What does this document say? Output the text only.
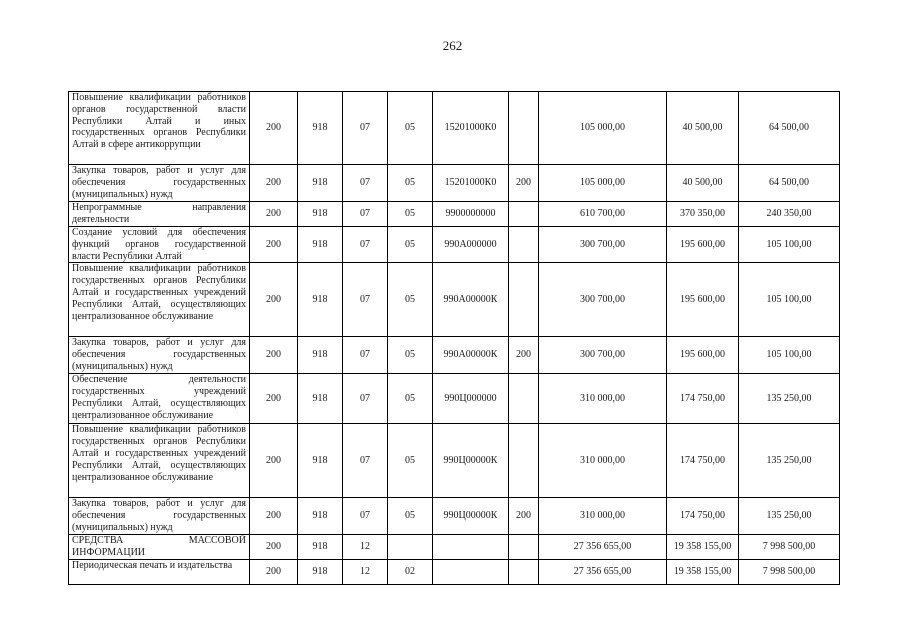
262
Повышение квалификации работников органов государственной власти Республики Алтай и иных государственных органов Республики Алтай в сфере антикоррупции	200	918	07	05	15201000К0		105 000,00	40 500,00	64 500,00
Закупка товаров, работ и услуг для обеспечения государственных (муниципальных) нужд	200	918	07	05	15201000К0	200	105 000,00	40 500,00	64 500,00
Непрограммные направления деятельности	200	918	07	05	9900000000		610 700,00	370 350,00	240 350,00
Создание условий для обеспечения функций органов государственной власти Республики Алтай	200	918	07	05	990А000000		300 700,00	195 600,00	105 100,00
Повышение квалификации работников государственных органов Республики Алтай и государственных учреждений Республики Алтай, осуществляющих централизованное обслуживание	200	918	07	05	990А00000К		300 700,00	195 600,00	105 100,00
Закупка товаров, работ и услуг для обеспечения государственных (муниципальных) нужд	200	918	07	05	990А00000К	200	300 700,00	195 600,00	105 100,00
Обеспечение деятельности государственных учреждений Республики Алтай, осуществляющих централизованное обслуживание	200	918	07	05	990Ц000000		310 000,00	174 750,00	135 250,00
Повышение квалификации работников государственных органов Республики Алтай и государственных учреждений Республики Алтай, осуществляющих централизованное обслуживание	200	918	07	05	990Ц00000К		310 000,00	174 750,00	135 250,00
Закупка товаров, работ и услуг для обеспечения государственных (муниципальных) нужд	200	918	07	05	990Ц00000К	200	310 000,00	174 750,00	135 250,00
СРЕДСТВА МАССОВОЙ ИНФОРМАЦИИ	200	918	12				27 356 655,00	19 358 155,00	7 998 500,00
Периодическая печать и издательства	200	918	12	02			27 356 655,00	19 358 155,00	7 998 500,00
